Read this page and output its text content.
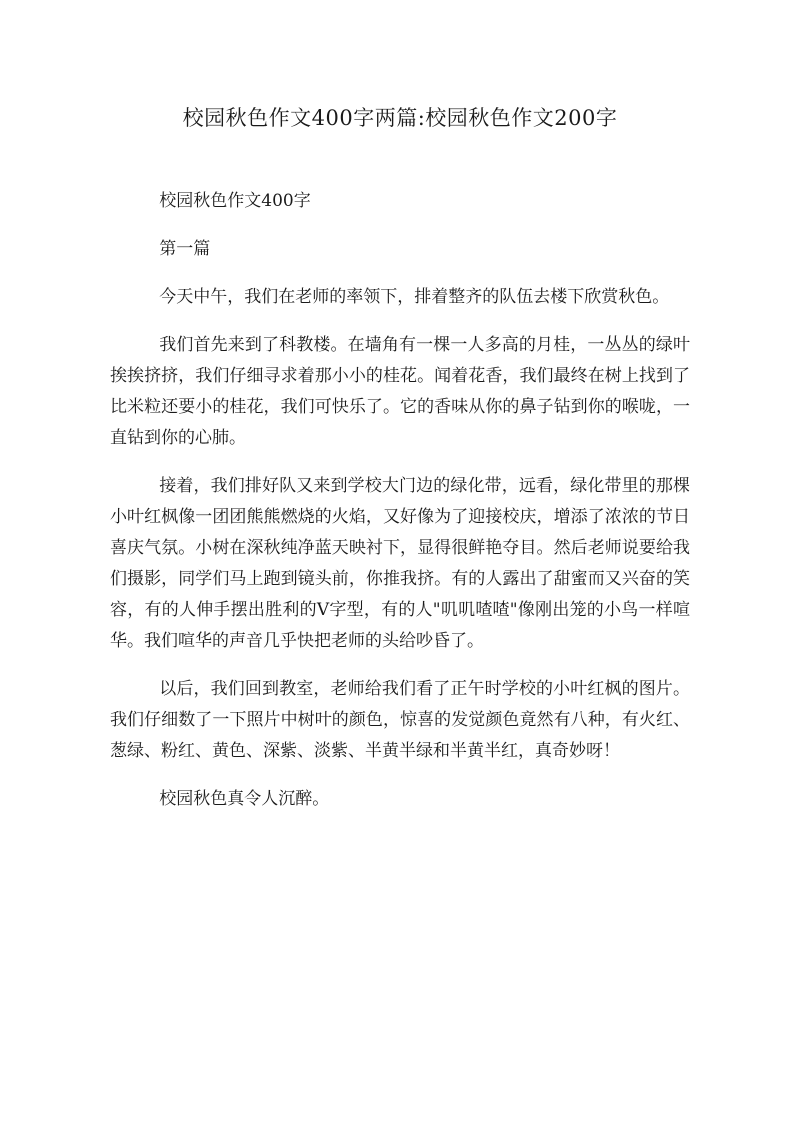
校园秋色作文400字两篇:校园秋色作文200字

校园秋色作文400字

第一篇

今天中午，我们在老师的率领下，排着整齐的队伍去楼下欣赏秋色。

我们首先来到了科教楼。在墙角有一棵一人多高的月桂，一丛丛的绿叶挨挨挤挤，我们仔细寻求着那小小的桂花。闻着花香，我们最终在树上找到了比米粒还要小的桂花，我们可快乐了。它的香味从你的鼻子钻到你的喉咙，一直钻到你的心肺。

接着，我们排好队又来到学校大门边的绿化带，远看，绿化带里的那棵小叶红枫像一团团熊熊燃烧的火焰，又好像为了迎接校庆，增添了浓浓的节日喜庆气氛。小树在深秋纯净蓝天映衬下，显得很鲜艳夺目。然后老师说要给我们摄影，同学们马上跑到镜头前，你推我挤。有的人露出了甜蜜而又兴奋的笑容，有的人伸手摆出胜利的V字型，有的人"叽叽喳喳"像刚出笼的小鸟一样喧华。我们喧华的声音几乎快把老师的头给吵昏了。

以后，我们回到教室，老师给我们看了正午时学校的小叶红枫的图片。我们仔细数了一下照片中树叶的颜色，惊喜的发觉颜色竟然有八种，有火红、葱绿、粉红、黄色、深紫、淡紫、半黄半绿和半黄半红，真奇妙呀！

校园秋色真令人沉醉。
